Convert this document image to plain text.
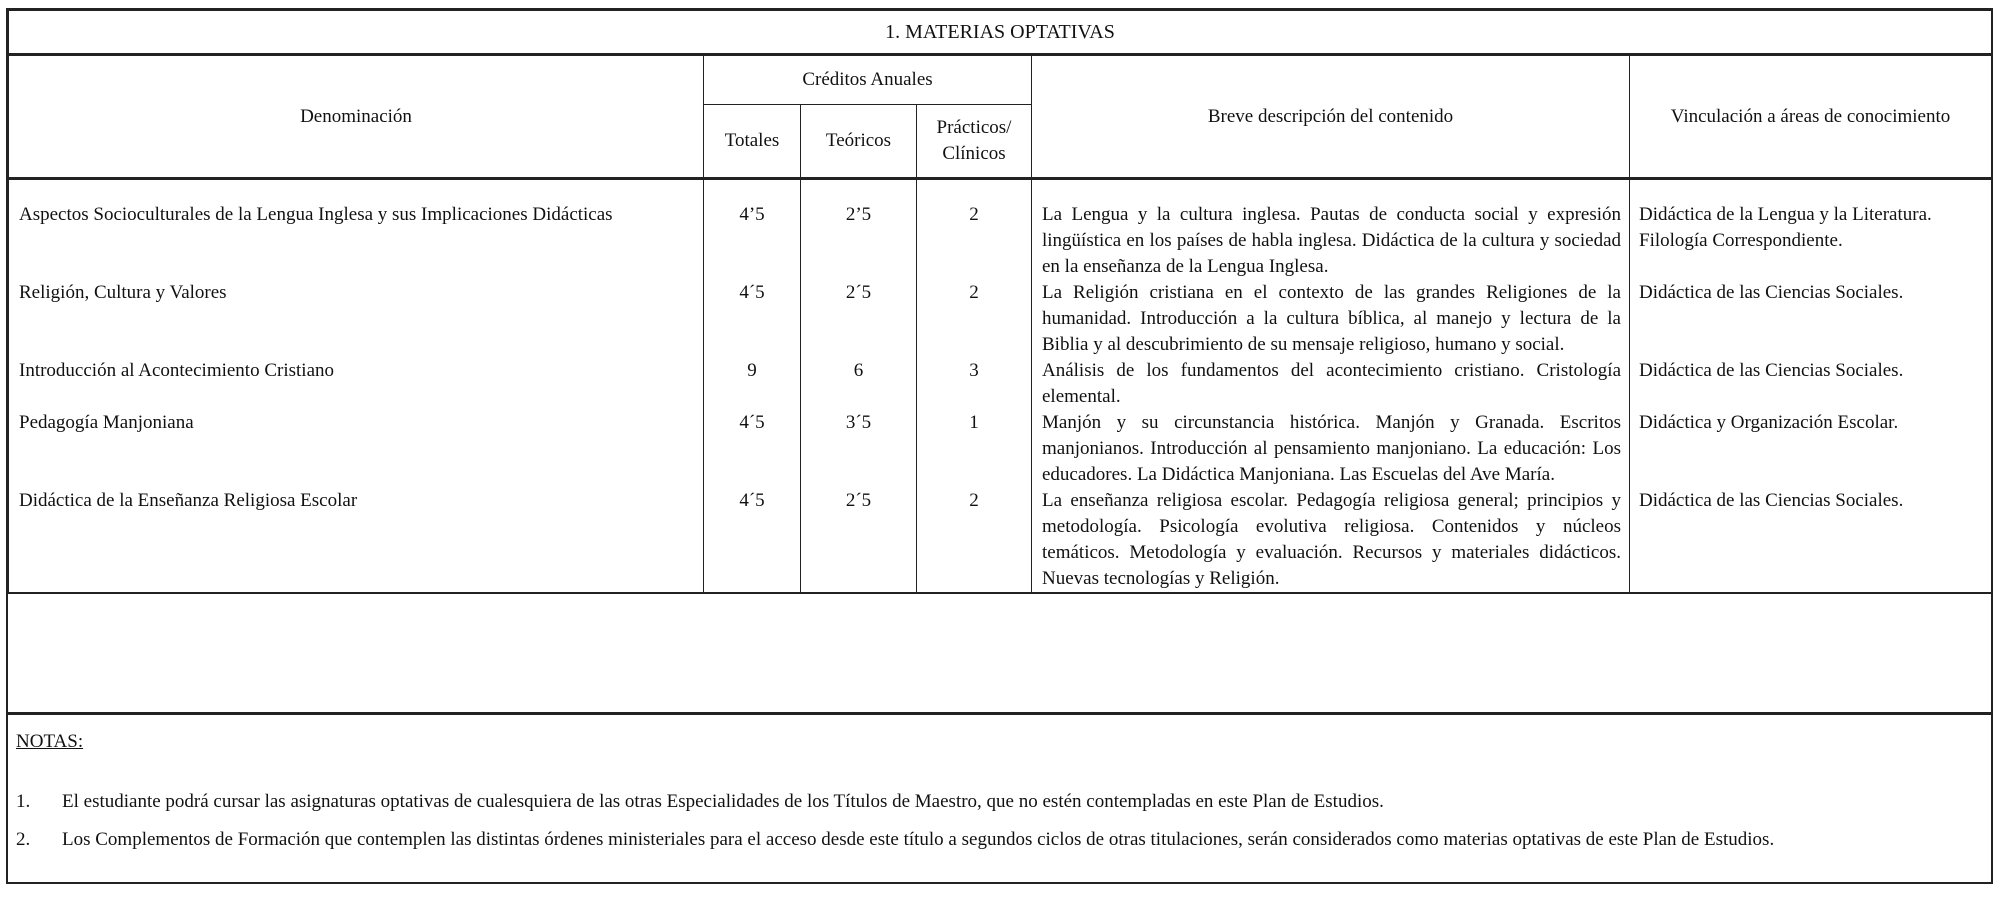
1. MATERIAS OPTATIVAS					
Denominación	Créditos Anuales			Breve descripción del contenido	Vinculación a áreas de conocimiento
	Totales	Teóricos	Prácticos/
Clínicos		
Aspectos Socioculturales de la Lengua Inglesa y sus Implicaciones Didácticas	4’5	2’5	2	La Lengua y la cultura inglesa. Pautas de conducta social y expresión lingüística en los países de habla inglesa. Didáctica de la cultura y sociedad en la enseñanza de la Lengua Inglesa.	Didáctica de la Lengua y la Literatura. Filología Correspondiente.
Religión, Cultura y Valores	4´5	2´5	2	La Religión cristiana en el contexto de las grandes Religiones de la humanidad. Introducción a la cultura bíblica, al manejo y lectura de la Biblia y al descubrimiento de su mensaje religioso, humano y social.	Didáctica de las Ciencias Sociales.
Introducción al Acontecimiento Cristiano	9	6	3	Análisis de los fundamentos del acontecimiento cristiano. Cristología elemental.	Didáctica de las Ciencias Sociales.
Pedagogía Manjoniana	4´5	3´5	1	Manjón y su circunstancia histórica. Manjón y Granada. Escritos manjonianos. Introducción al pensamiento manjoniano. La educación: Los educadores. La Didáctica Manjoniana. Las Escuelas del Ave María.	Didáctica y Organización Escolar.
Didáctica de la Enseñanza Religiosa Escolar	4´5	2´5	2	La enseñanza religiosa escolar. Pedagogía religiosa general; principios y metodología. Psicología evolutiva religiosa. Contenidos y núcleos temáticos. Metodología y evaluación. Recursos y materiales didácticos. Nuevas tecnologías y Religión.	Didáctica de las Ciencias Sociales.
NOTAS:
1. El estudiante podrá cursar las asignaturas optativas de cualesquiera de las otras Especialidades de los Títulos de Maestro, que no estén contempladas en este Plan de Estudios.
2. Los Complementos de Formación que contemplen las distintas órdenes ministeriales para el acceso desde este título a segundos ciclos de otras titulaciones, serán considerados como materias optativas de este Plan de Estudios.
